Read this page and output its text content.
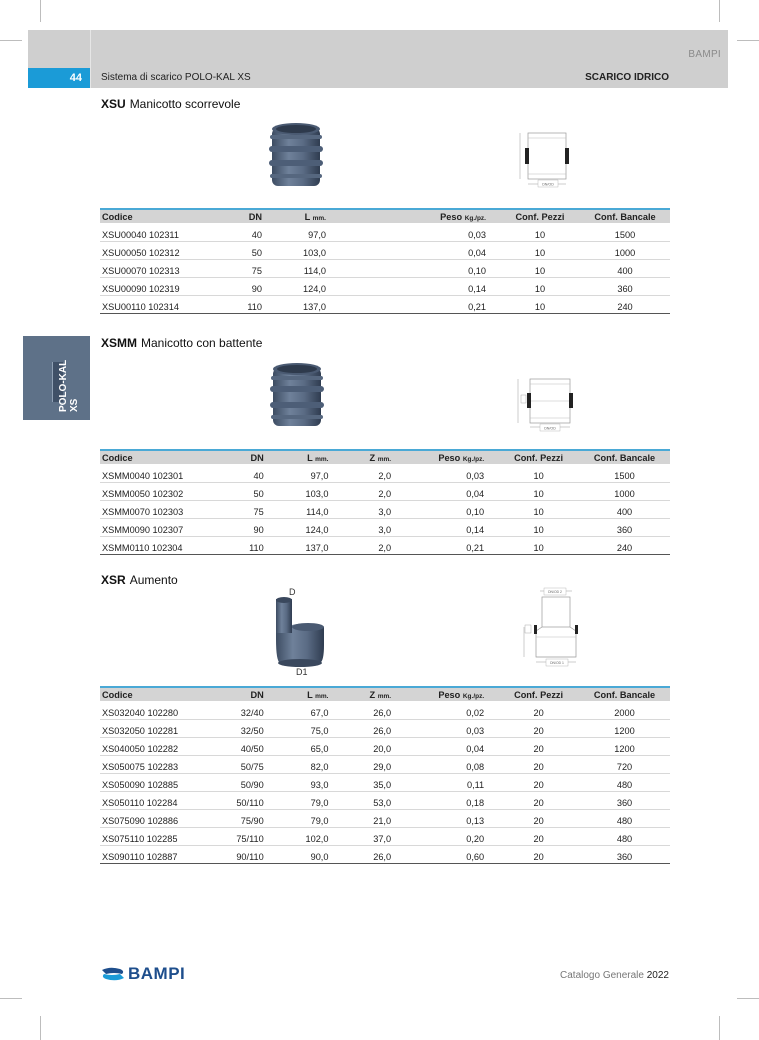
BAMPI
44	Sistema di scarico POLO-KAL XS	SCARICO IDRICO
POLO-KAL XS
XSU Manicotto scorrevole
DN/OD
Codice	DN	L mm.		Peso Kg./pz.	Conf. Pezzi	Conf. Bancale
XSU00040 102311	40	97,0		0,03	10	1500
XSU00050 102312	50	103,0		0,04	10	1000
XSU00070 102313	75	114,0		0,10	10	400
XSU00090 102319	90	124,0		0,14	10	360
XSU00110 102314	110	137,0		0,21	10	240
XSMM Manicotto con battente
DN/OD
Codice	DN	L mm.	Z mm.	Peso Kg./pz.	Conf. Pezzi	Conf. Bancale
XSMM0040 102301	40	97,0	2,0	0,03	10	1500
XSMM0050 102302	50	103,0	2,0	0,04	10	1000
XSMM0070 102303	75	114,0	3,0	0,10	10	400
XSMM0090 102307	90	124,0	3,0	0,14	10	360
XSMM0110 102304	110	137,0	2,0	0,21	10	240
XSR Aumento
D
D1
DN/OD 2
DN/OD 1
Codice	DN	L mm.	Z mm.	Peso Kg./pz.	Conf. Pezzi	Conf. Bancale
XS032040 102280	32/40	67,0	26,0	0,02	20	2000
XS032050 102281	32/50	75,0	26,0	0,03	20	1200
XS040050 102282	40/50	65,0	20,0	0,04	20	1200
XS050075 102283	50/75	82,0	29,0	0,08	20	720
XS050090 102885	50/90	93,0	35,0	0,11	20	480
XS050110 102284	50/110	79,0	53,0	0,18	20	360
XS075090 102886	75/90	79,0	21,0	0,13	20	480
XS075110 102285	75/110	102,0	37,0	0,20	20	480
XS090110 102887	90/110	90,0	26,0	0,60	20	360
BAMPI	Catalogo Generale 2022
